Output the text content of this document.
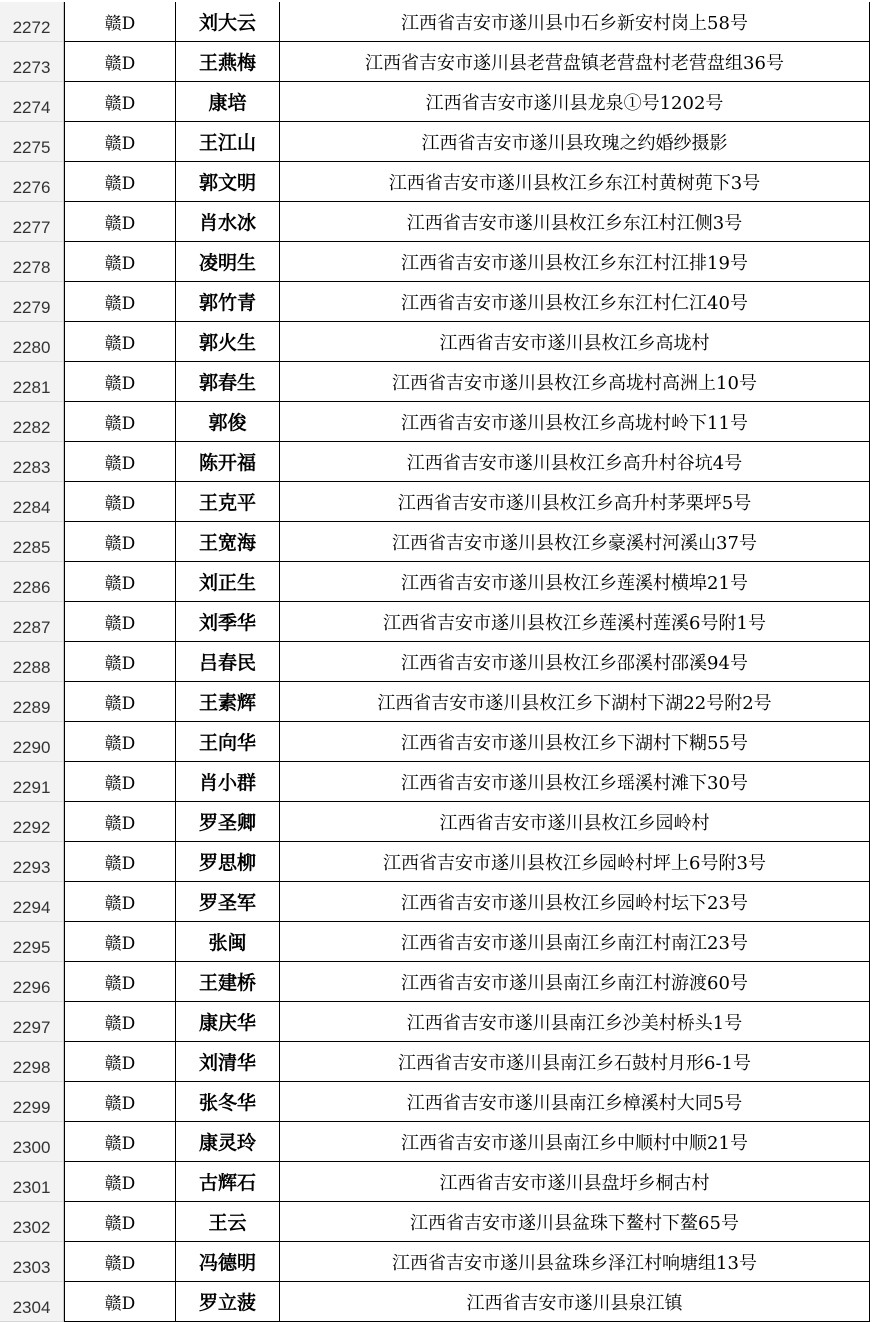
2272	赣D	刘大云	江西省吉安市遂川县巾石乡新安村岗上58号
2273	赣D	王燕梅	江西省吉安市遂川县老营盘镇老营盘村老营盘组36号
2274	赣D	康培	江西省吉安市遂川县龙泉①号1202号
2275	赣D	王江山	江西省吉安市遂川县玫瑰之约婚纱摄影
2276	赣D	郭文明	江西省吉安市遂川县枚江乡东江村黄树蔸下3号
2277	赣D	肖水冰	江西省吉安市遂川县枚江乡东江村江侧3号
2278	赣D	凌明生	江西省吉安市遂川县枚江乡东江村江排19号
2279	赣D	郭竹青	江西省吉安市遂川县枚江乡东江村仁江40号
2280	赣D	郭火生	江西省吉安市遂川县枚江乡高垅村
2281	赣D	郭春生	江西省吉安市遂川县枚江乡高垅村高洲上10号
2282	赣D	郭俊	江西省吉安市遂川县枚江乡高垅村岭下11号
2283	赣D	陈开福	江西省吉安市遂川县枚江乡高升村谷坑4号
2284	赣D	王克平	江西省吉安市遂川县枚江乡高升村茅栗坪5号
2285	赣D	王宽海	江西省吉安市遂川县枚江乡豪溪村河溪山37号
2286	赣D	刘正生	江西省吉安市遂川县枚江乡莲溪村横埠21号
2287	赣D	刘季华	江西省吉安市遂川县枚江乡莲溪村莲溪6号附1号
2288	赣D	吕春民	江西省吉安市遂川县枚江乡邵溪村邵溪94号
2289	赣D	王素辉	江西省吉安市遂川县枚江乡下湖村下湖22号附2号
2290	赣D	王向华	江西省吉安市遂川县枚江乡下湖村下糊55号
2291	赣D	肖小群	江西省吉安市遂川县枚江乡瑶溪村滩下30号
2292	赣D	罗圣卿	江西省吉安市遂川县枚江乡园岭村
2293	赣D	罗思柳	江西省吉安市遂川县枚江乡园岭村坪上6号附3号
2294	赣D	罗圣军	江西省吉安市遂川县枚江乡园岭村坛下23号
2295	赣D	张闽	江西省吉安市遂川县南江乡南江村南江23号
2296	赣D	王建桥	江西省吉安市遂川县南江乡南江村游渡60号
2297	赣D	康庆华	江西省吉安市遂川县南江乡沙美村桥头1号
2298	赣D	刘清华	江西省吉安市遂川县南江乡石鼓村月形6-1号
2299	赣D	张冬华	江西省吉安市遂川县南江乡樟溪村大同5号
2300	赣D	康灵玲	江西省吉安市遂川县南江乡中顺村中顺21号
2301	赣D	古辉石	江西省吉安市遂川县盘圩乡桐古村
2302	赣D	王云	江西省吉安市遂川县盆珠下鳌村下鳌65号
2303	赣D	冯德明	江西省吉安市遂川县盆珠乡泽江村响塘组13号
2304	赣D	罗立菠	江西省吉安市遂川县泉江镇
